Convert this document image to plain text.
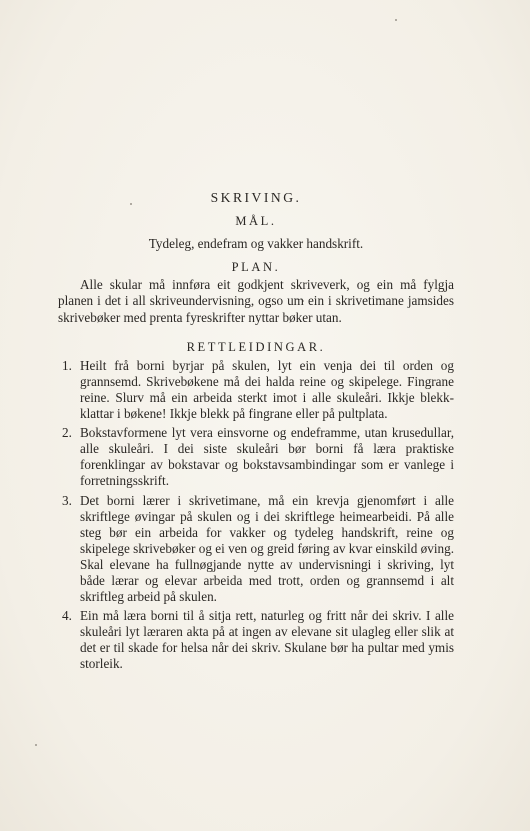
SKRIVING.
MÅL.

Tydeleg, endefram og vakker handskrift.

PLAN.

Alle skular må innføra eit godkjent skriveverk, og ein må fylgja planen i det i all skriveundervisning, ogso um ein i skrivetimane jamsides skrivebøker med prenta fyreskrifter nyttar bøker utan.

RETTLEIDINGAR.
1. Heilt frå borni byrjar på skulen, lyt ein venja dei til orden og grannsemd. Skrivebøkene må dei halda reine og skipelege. Fingrane reine. Slurv må ein arbeida sterkt imot i alle skuleåri. Ikkje blekk-klattar i bøkene! Ikkje blekk på fingrane eller på pultplata.
2. Bokstavformene lyt vera einsvorne og endeframme, utan krusedullar, alle skuleåri. I dei siste skuleåri bør borni få læra praktiske forenklingar av bokstavar og bokstavsambindingar som er vanlege i forretningsskrift.
3. Det borni lærer i skrivetimane, må ein krevja gjenomført i alle skriftlege øvingar på skulen og i dei skriftlege heimearbeidi. På alle steg bør ein arbeida for vakker og tydeleg handskrift, reine og skipelege skrivebøker og ei ven og greid føring av kvar einskild øving. Skal elevane ha fullnøgjande nytte av undervisningi i skriving, lyt både lærar og elevar arbeida med trott, orden og grannsemd i alt skriftleg arbeid på skulen.
4. Ein må læra borni til å sitja rett, naturleg og fritt når dei skriv. I alle skuleåri lyt læraren akta på at ingen av elevane sit ulagleg eller slik at det er til skade for helsa når dei skriv. Skulane bør ha pultar med ymis storleik.
